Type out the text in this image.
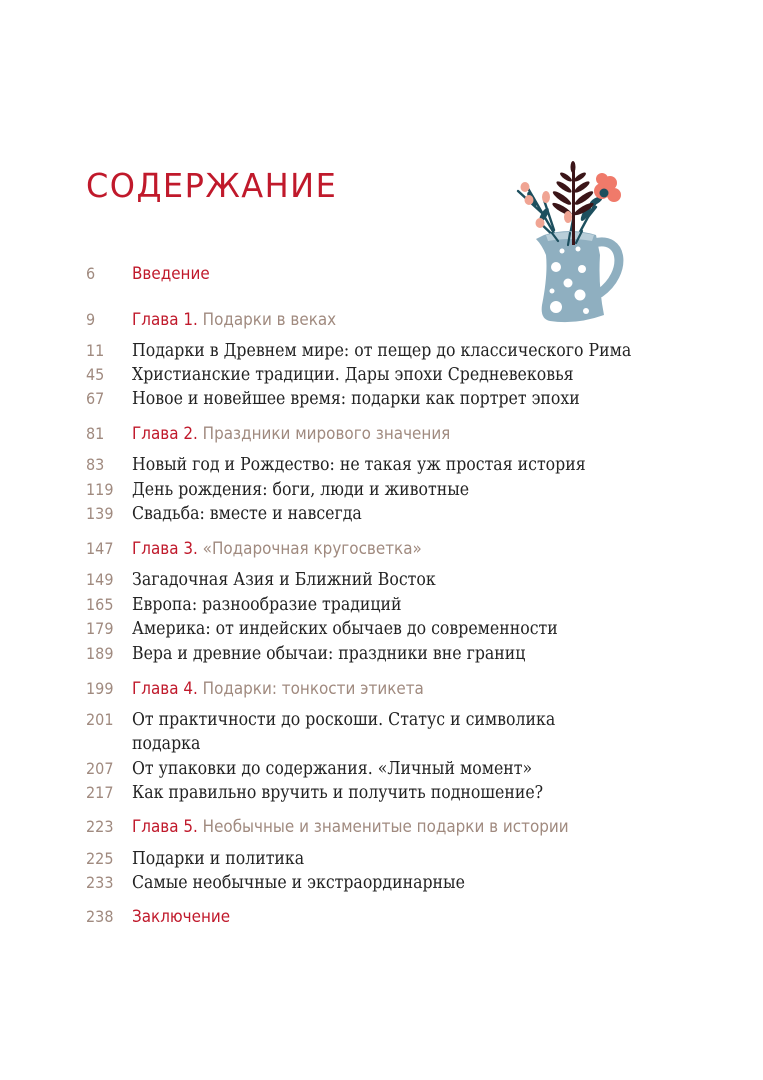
СОДЕРЖАНИЕ
6	Введение
9	Глава 1. Подарки в веках
11	Подарки в Древнем мире: от пещер до классического Рима
45	Христианские традиции. Дары эпохи Средневековья
67	Новое и новейшее время: подарки как портрет эпохи
81	Глава 2. Праздники мирового значения
83	Новый год и Рождество: не такая уж простая история
119	День рождения: боги, люди и животные
139	Свадьба: вместе и навсегда
147	Глава 3. «Подарочная кругосветка»
149	Загадочная Азия и Ближний Восток
165	Европа: разнообразие традиций
179	Америка: от индейских обычаев до современности
189	Вера и древние обычаи: праздники вне границ
199	Глава 4. Подарки: тонкости этикета
201	От практичности до роскоши. Статус и символика подарка
207	От упаковки до содержания. «Личный момент»
217	Как правильно вручить и получить подношение?
223	Глава 5. Необычные и знаменитые подарки в истории
225	Подарки и политика
233	Самые необычные и экстраординарные
238	Заключение
